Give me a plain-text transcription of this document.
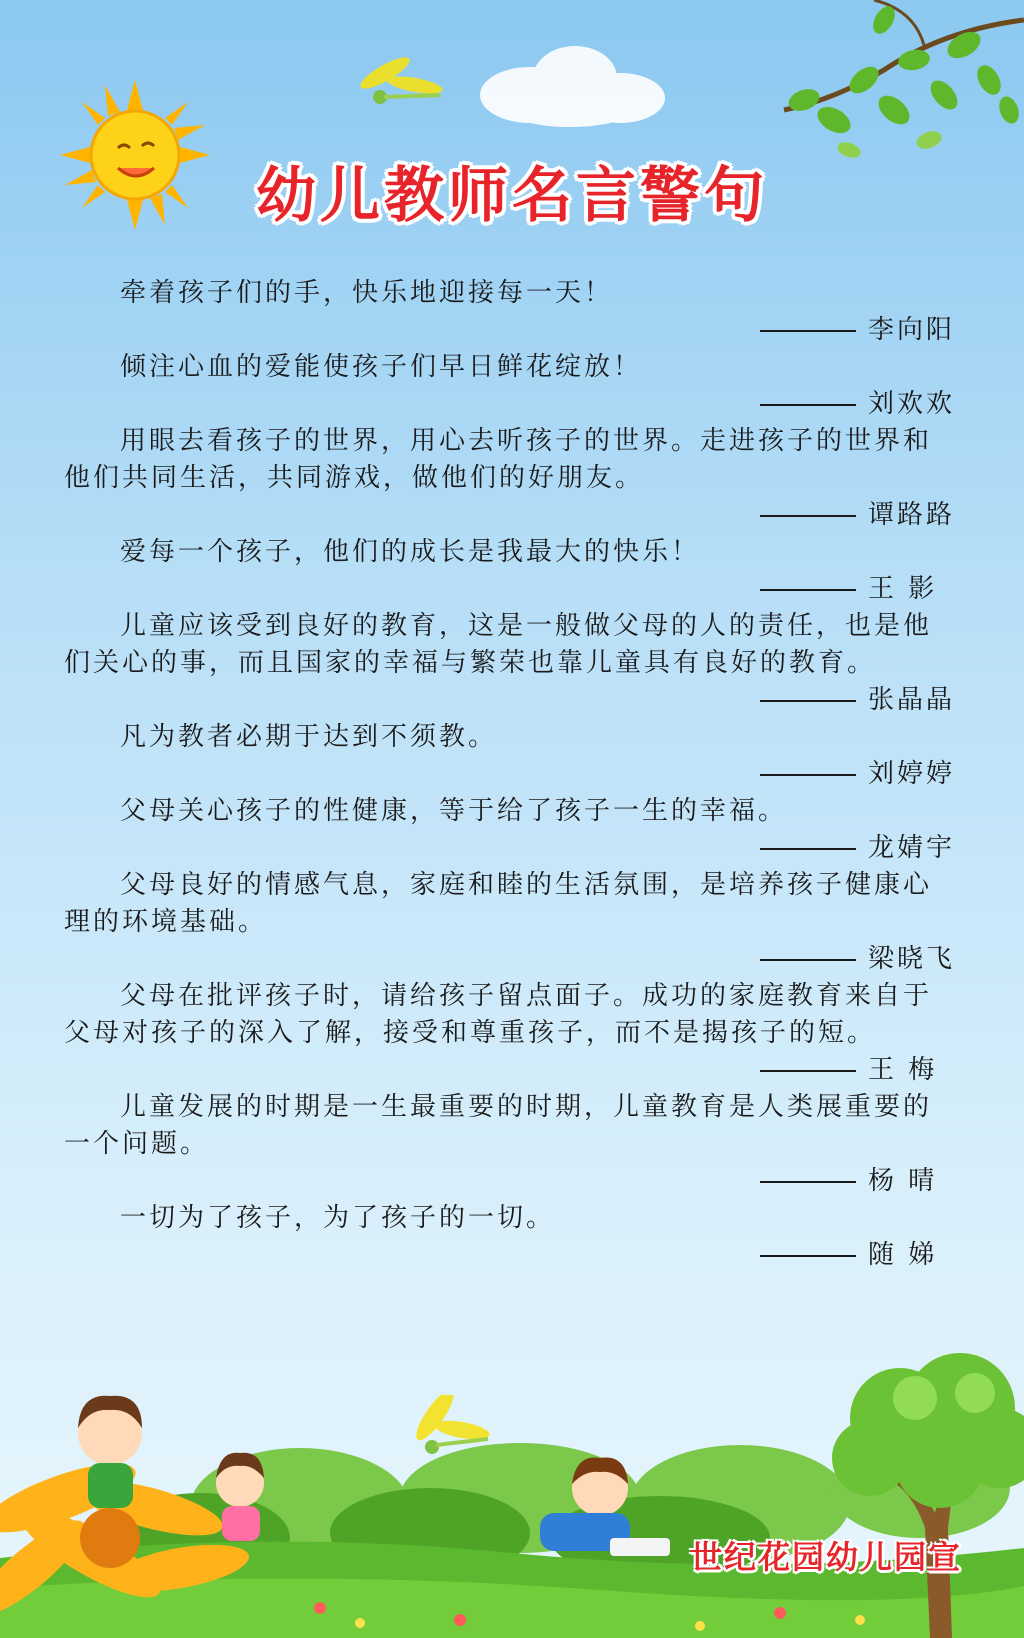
幼儿教师名言警句

牵着孩子们的手，快乐地迎接每一天！

李向阳

倾注心血的爱能使孩子们早日鲜花绽放！

刘欢欢

用眼去看孩子的世界，用心去听孩子的世界。走进孩子的世界和他们共同生活，共同游戏，做他们的好朋友。

谭路路

爱每一个孩子，他们的成长是我最大的快乐！

王 影

儿童应该受到良好的教育，这是一般做父母的人的责任，也是他们关心的事，而且国家的幸福与繁荣也靠儿童具有良好的教育。

张晶晶

凡为教者必期于达到不须教。

刘婷婷

父母关心孩子的性健康，等于给了孩子一生的幸福。

龙婧宇

父母良好的情感气息，家庭和睦的生活氛围，是培养孩子健康心理的环境基础。

梁晓飞

父母在批评孩子时，请给孩子留点面子。成功的家庭教育来自于父母对孩子的深入了解，接受和尊重孩子，而不是揭孩子的短。

王 梅

儿童发展的时期是一生最重要的时期，儿童教育是人类展重要的一个问题。

杨 晴

一切为了孩子，为了孩子的一切。

随 娣
世纪花园幼儿园宣
